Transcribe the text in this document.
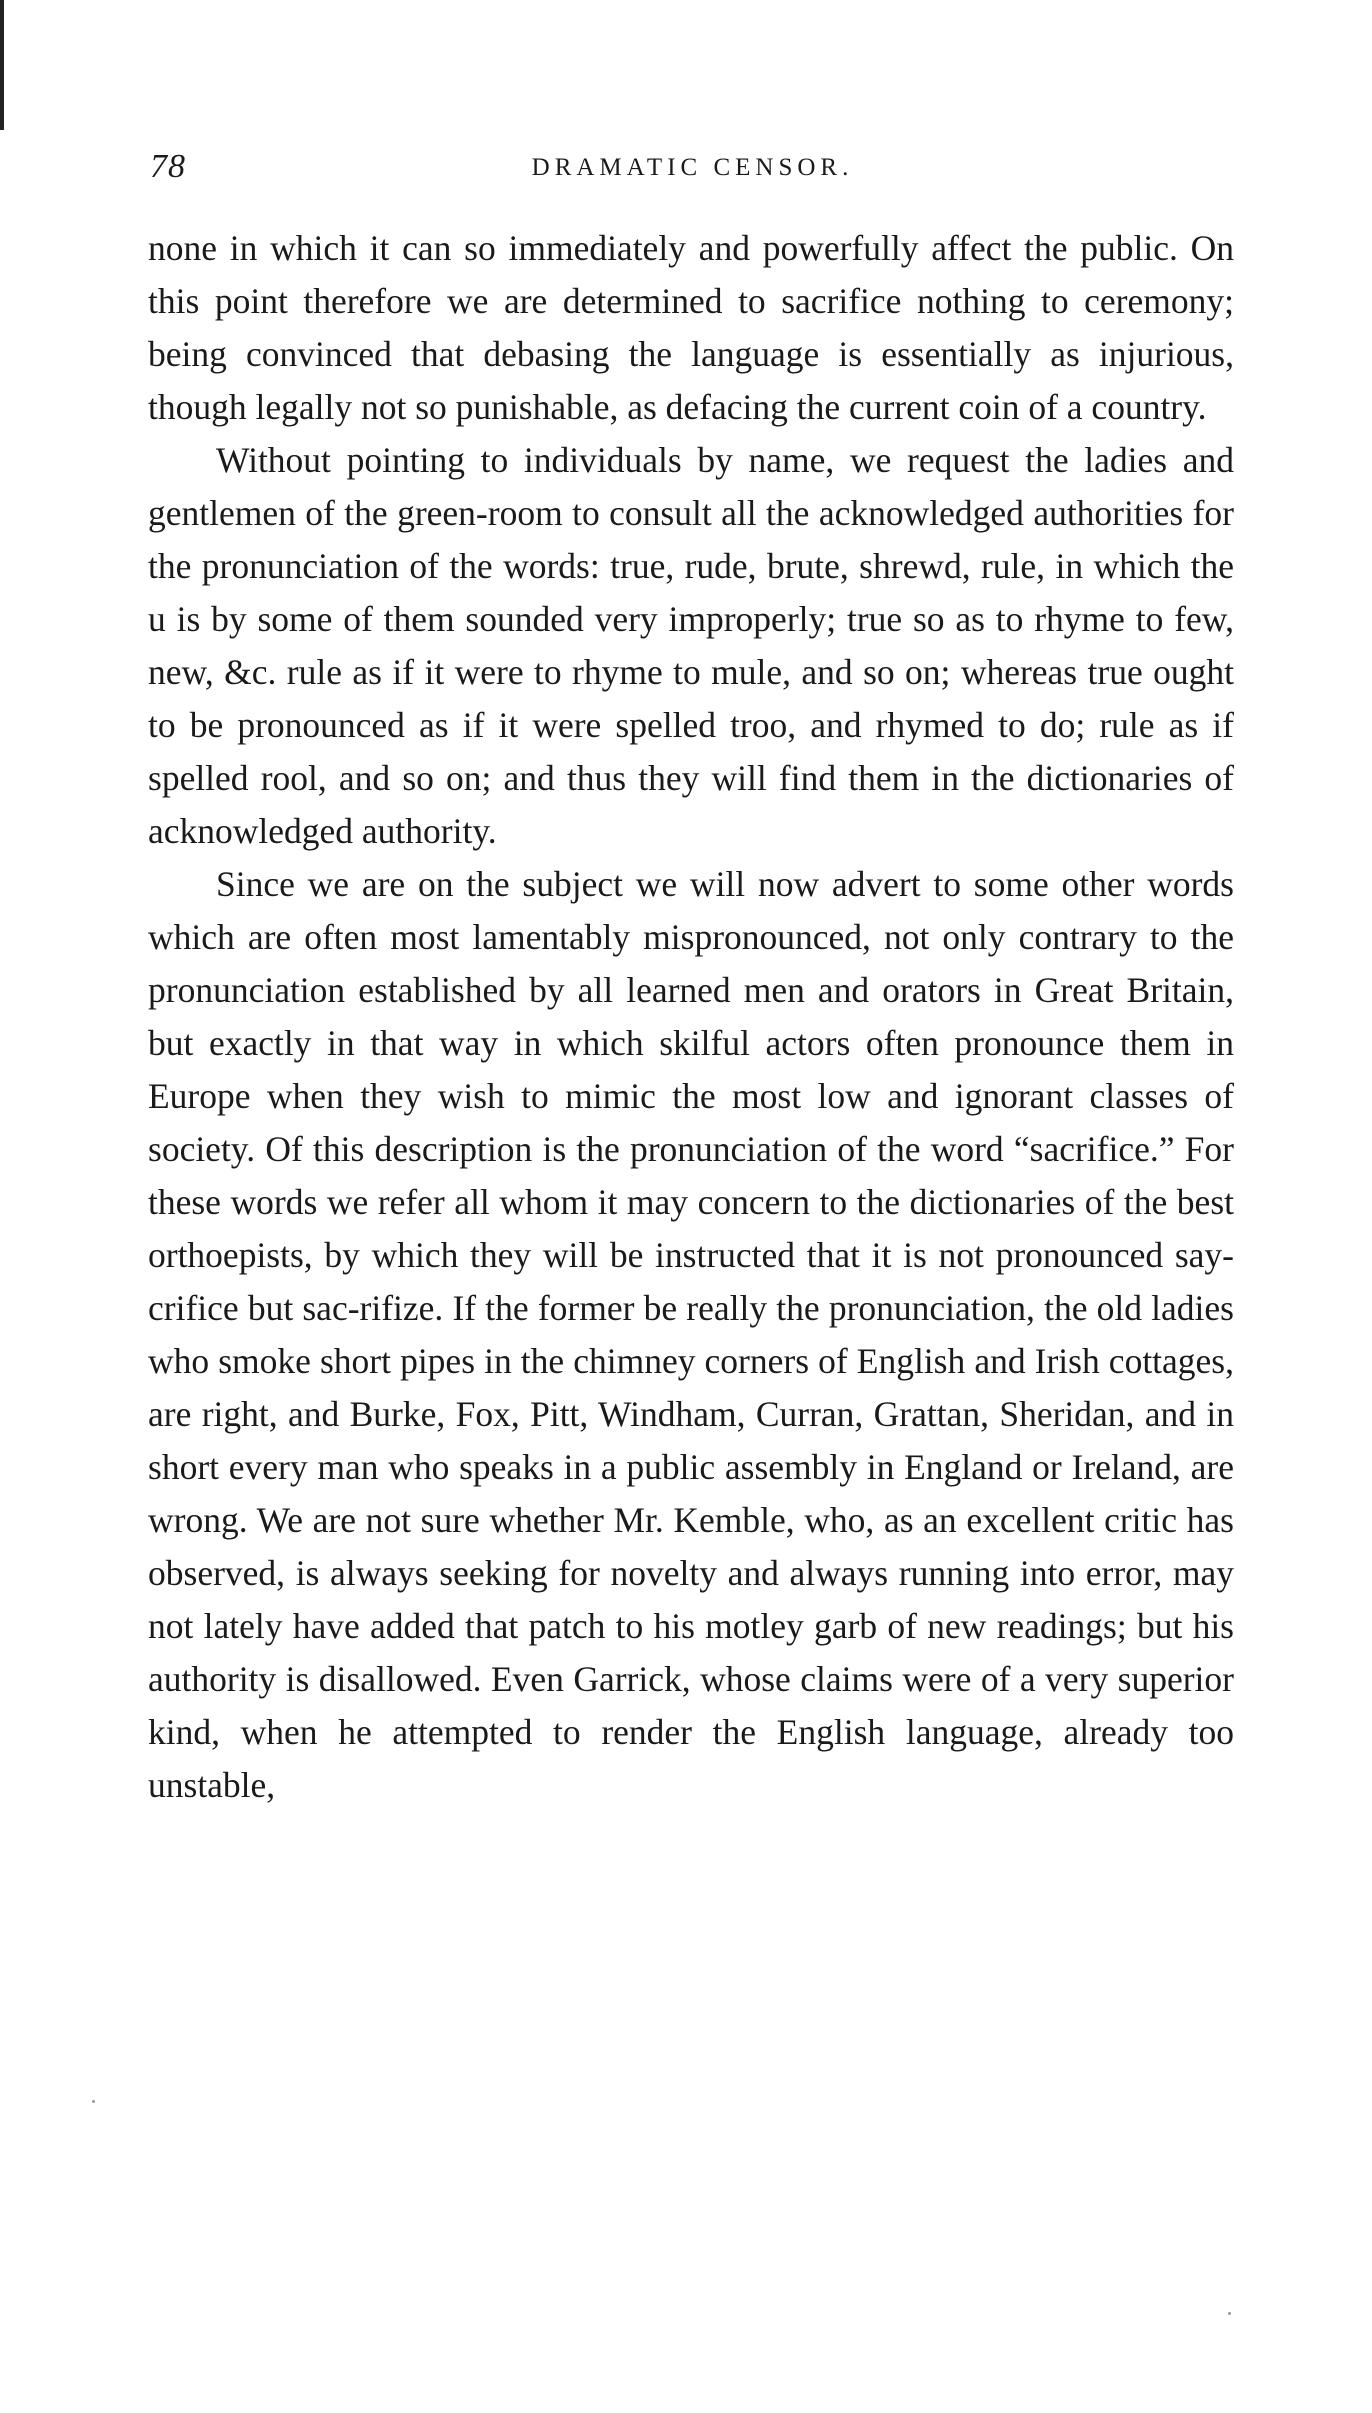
78	DRAMATIC CENSOR.

none in which it can so immediately and powerfully affect the public. On this point therefore we are determined to sacrifice nothing to ceremony; being convinced that debasing the language is essentially as injurious, though legally not so punishable, as defacing the current coin of a country.

Without pointing to individuals by name, we request the ladies and gentlemen of the green-room to consult all the acknowledged authorities for the pronunciation of the words: true, rude, brute, shrewd, rule, in which the u is by some of them sounded very improperly; true so as to rhyme to few, new, &c. rule as if it were to rhyme to mule, and so on; whereas true ought to be pronounced as if it were spelled troo, and rhymed to do; rule as if spelled rool, and so on; and thus they will find them in the dictionaries of acknowledged authority.

Since we are on the subject we will now advert to some other words which are often most lamentably mispronounced, not only contrary to the pronunciation established by all learned men and orators in Great Britain, but exactly in that way in which skilful actors often pronounce them in Europe when they wish to mimic the most low and ignorant classes of society. Of this description is the pronunciation of the word “sacrifice.” For these words we refer all whom it may concern to the dictionaries of the best orthoepists, by which they will be instructed that it is not pronounced say-crifice but sac-rifize. If the former be really the pronunciation, the old ladies who smoke short pipes in the chimney corners of English and Irish cottages, are right, and Burke, Fox, Pitt, Windham, Curran, Grattan, Sheridan, and in short every man who speaks in a public assembly in England or Ireland, are wrong. We are not sure whether Mr. Kemble, who, as an excellent critic has observed, is always seeking for novelty and always running into error, may not lately have added that patch to his motley garb of new readings; but his authority is disallowed. Even Garrick, whose claims were of a very superior kind, when he attempted to render the English language, already too unstable,
